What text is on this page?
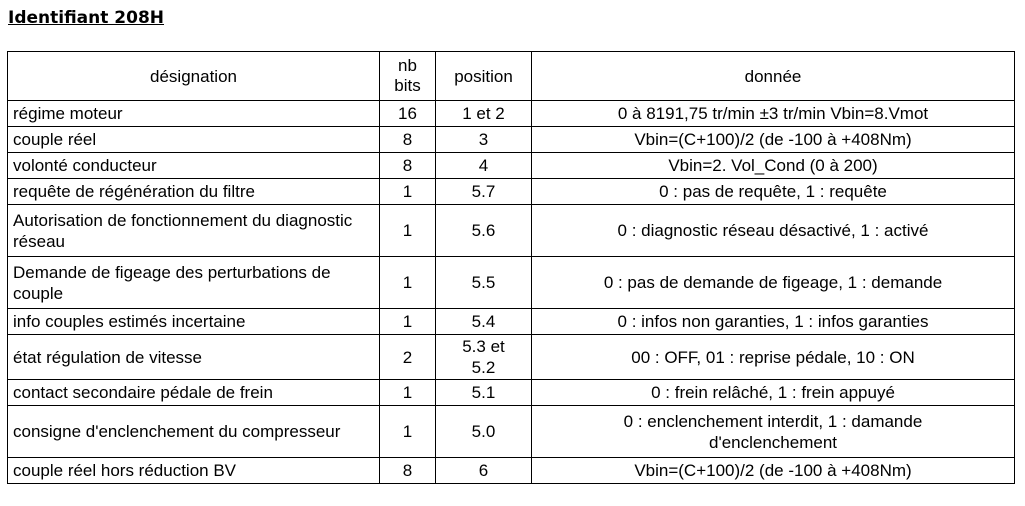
Identifiant 208H
désignation	nb bits	position	donnée
régime moteur	16	1 et 2	0 à 8191,75 tr/min ±3 tr/min Vbin=8.Vmot
couple réel	8	3	Vbin=(C+100)/2 (de -100 à +408Nm)
volonté conducteur	8	4	Vbin=2. Vol_Cond (0 à 200)
requête de régénération du filtre	1	5.7	0 : pas de requête, 1 : requête
Autorisation de fonctionnement du diagnostic réseau	1	5.6	0 : diagnostic réseau désactivé, 1 : activé
Demande de figeage des perturbations de couple	1	5.5	0 : pas de demande de figeage, 1 : demande
info couples estimés incertaine	1	5.4	0 : infos non garanties, 1 : infos garanties
état régulation de vitesse	2	5.3 et 5.2	00 : OFF, 01 : reprise pédale, 10 : ON
contact secondaire pédale de frein	1	5.1	0 : frein relâché, 1 : frein appuyé
consigne d'enclenchement du compresseur	1	5.0	0 : enclenchement interdit, 1 : damande d'enclenchement
couple réel hors réduction BV	8	6	Vbin=(C+100)/2 (de -100 à +408Nm)
